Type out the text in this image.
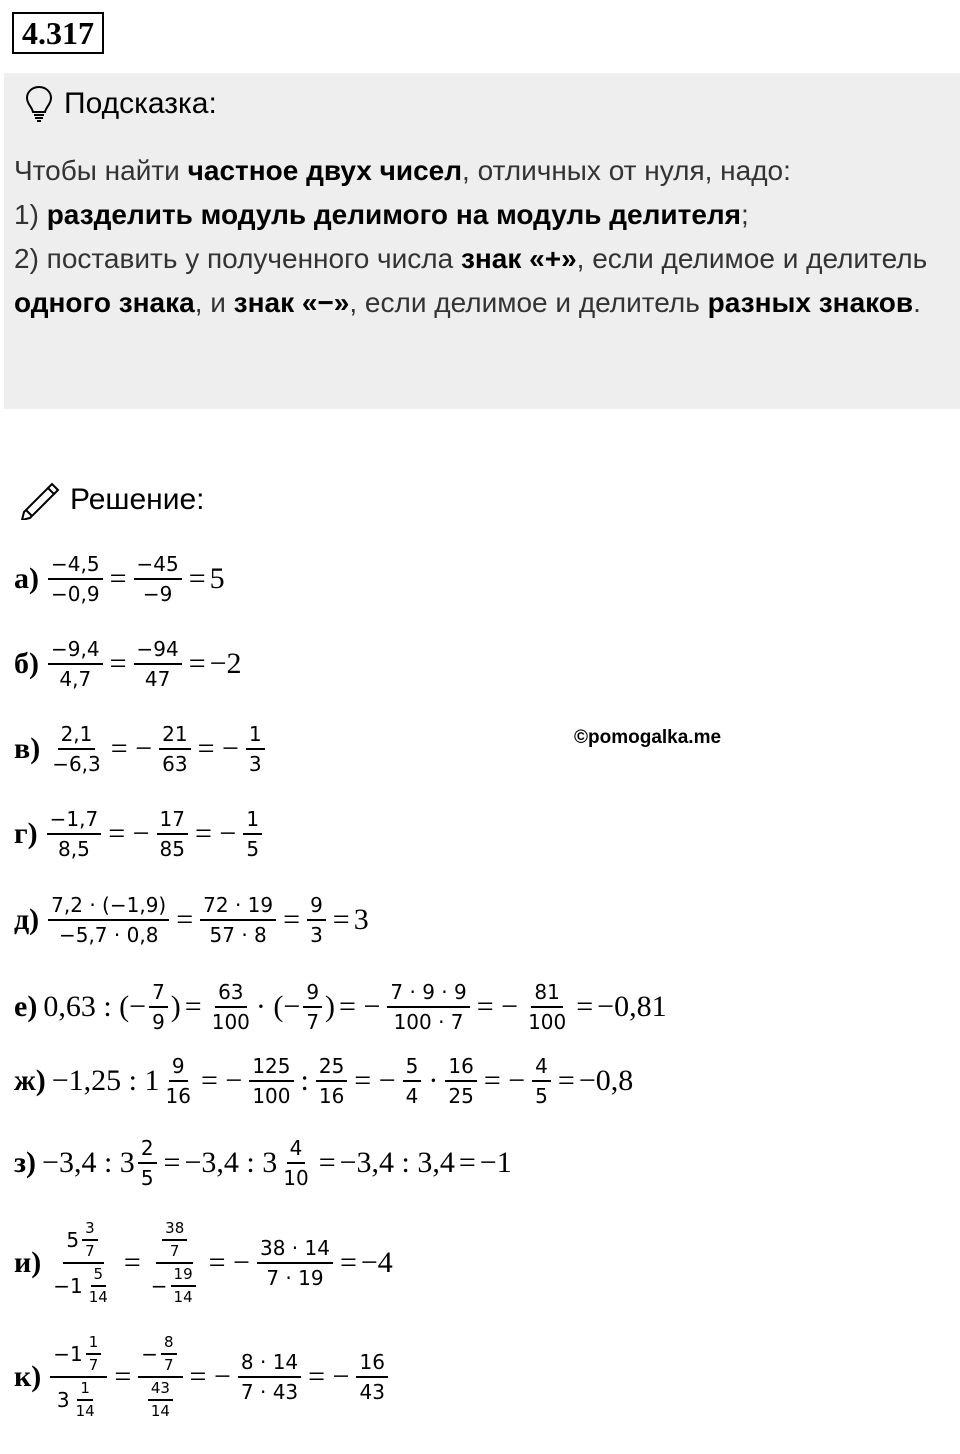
4.317
Подсказка:
Чтобы найти частное двух чисел, отличных от нуля, надо:
1) разделить модуль делимого на модуль делителя;
2) поставить у полученного числа знак «+», если делимое и делитель одного знака, и знак «−», если делимое и делитель разных знаков.
Решение:
©pomogalka.me
$а) \frac{-4,5}{-0,9} = \frac{-45}{-9} = 5$
$б) \frac{-9,4}{4,7} = \frac{-94}{47} = -2$
$в) \frac{2,1}{-6,3}$ = − $\frac{21}{63}$ = − $\frac{1}{3}$
$г) \frac{-1,7}{8,5}$ = − $\frac{17}{85}$ = − $\frac{1}{5}$
$д) \frac{7,2 \cdot (-1,9)}{-5,7 \cdot 0,8} = \frac{72 \cdot 19}{57 \cdot 8} = \frac{9}{3} = 3$
е) 0,63 : (− $\frac{7}{9}$ ) = $\frac{63}{100}$ · (− $\frac{9}{7}$ ) = − $\frac{7 \cdot 9 \cdot 9}{100 \cdot 7}$ = − $\frac{81}{100} = -0,81$
ж) −1,25 : $1 \frac{9}{16}$ = − $\frac{125}{100}$ : $\frac{25}{16}$ = − $\frac{5}{4} \cdot \frac{16}{25}$ = − $\frac{4}{5} = -0,8$
з) −3,4 : $3 \frac{2}{5} = -3,4$ : $3 \frac{4}{10} = -3,4$ : 3,4 = −1
$и) \frac{5 \frac{3}{7}}{-1 \frac{5}{14}} = \frac{\frac{38}{7}}{- \frac{19}{14}}$ = − $\frac{38 \cdot 14}{7 \cdot 19} = -4$
$к) \frac{-1 \frac{1}{7}}{3 \frac{1}{14}} = \frac{- \frac{8}{7}}{\frac{43}{14}}$ = − $\frac{8 \cdot 14}{7 \cdot 43}$ = − $\frac{16}{43}$
